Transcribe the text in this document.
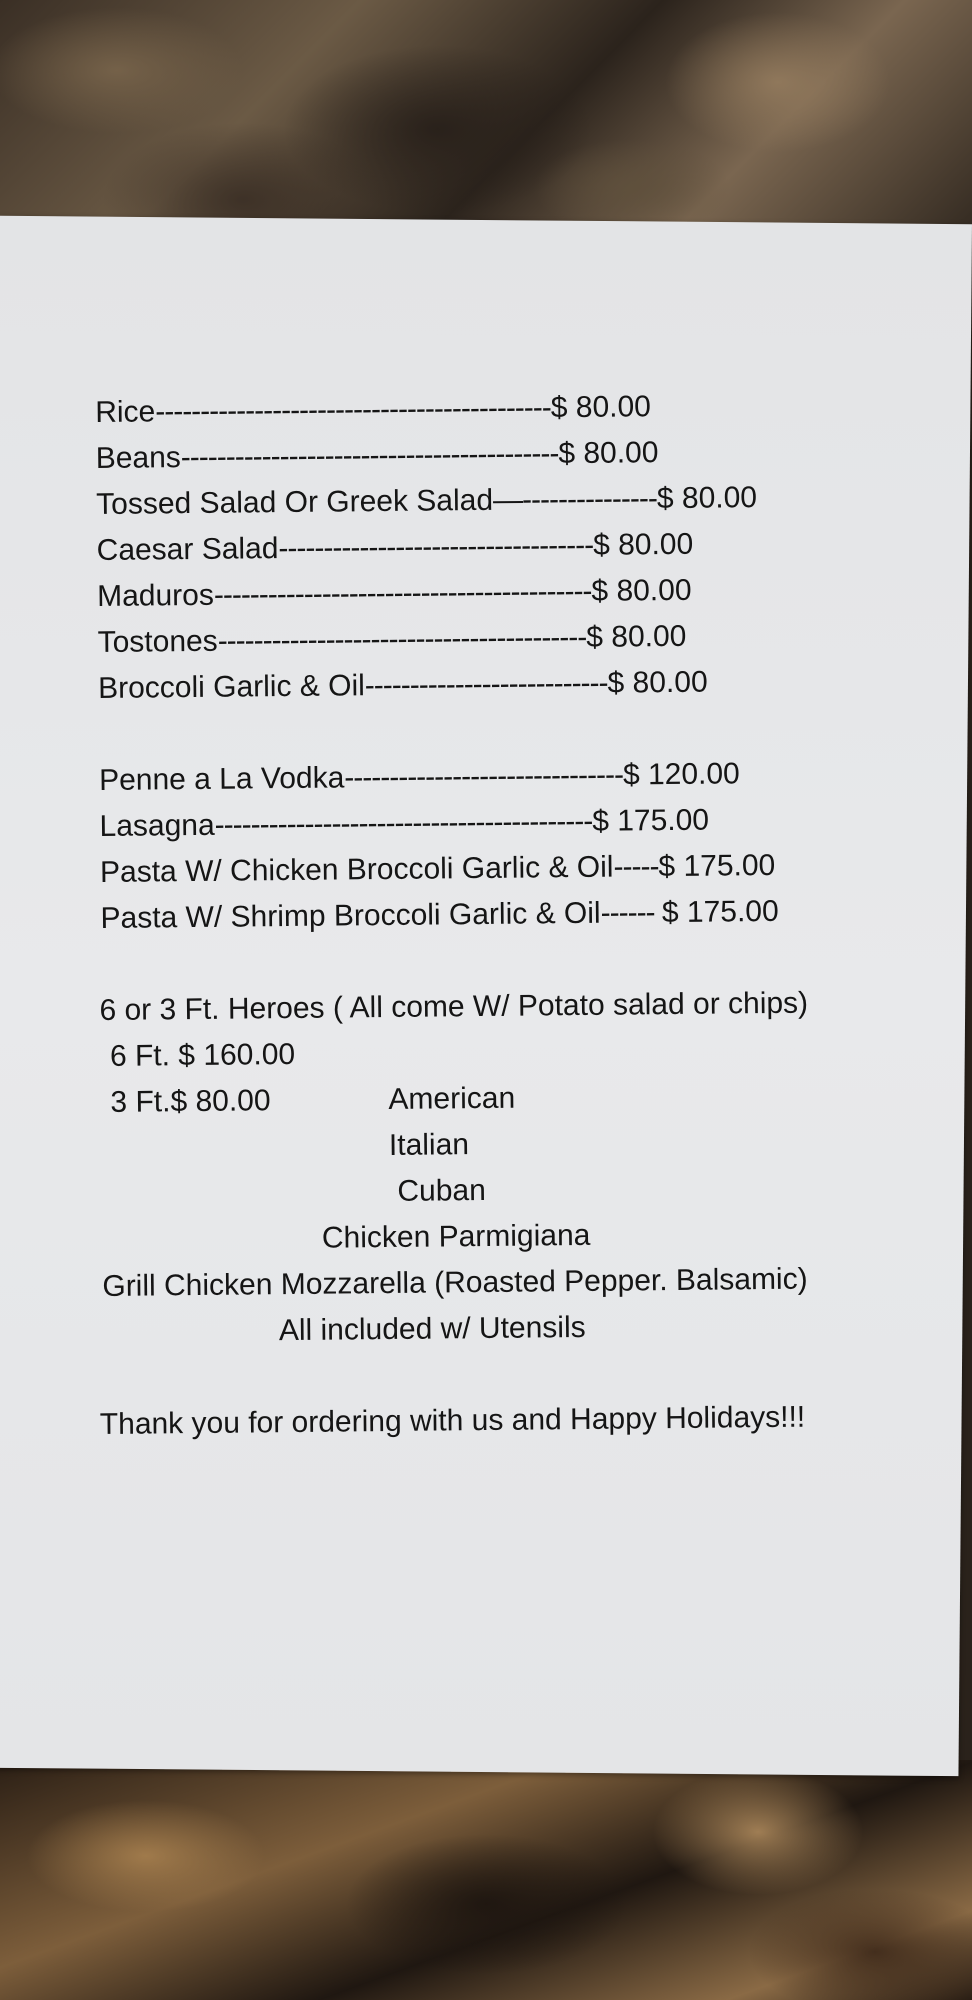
Rice--------------------------------------------$ 80.00
Beans------------------------------------------$ 80.00
Tossed Salad Or Greek Salad—---------------$ 80.00
Caesar Salad-----------------------------------$ 80.00
Maduros------------------------------------------$ 80.00
Tostones-----------------------------------------$ 80.00
Broccoli Garlic & Oil---------------------------$ 80.00
Penne a La Vodka-------------------------------$ 120.00
Lasagna------------------------------------------$ 175.00
Pasta W/ Chicken Broccoli Garlic & Oil-----$ 175.00
Pasta W/ Shrimp Broccoli Garlic & Oil------ $ 175.00
6 or 3 Ft. Heroes ( All come W/ Potato salad or chips)
6 Ft. $ 160.00
3 Ft.$ 80.00	American
Italian
Cuban
Chicken Parmigiana
Grill Chicken Mozzarella (Roasted Pepper. Balsamic)
All included w/ Utensils
Thank you for ordering with us and Happy Holidays!!!
